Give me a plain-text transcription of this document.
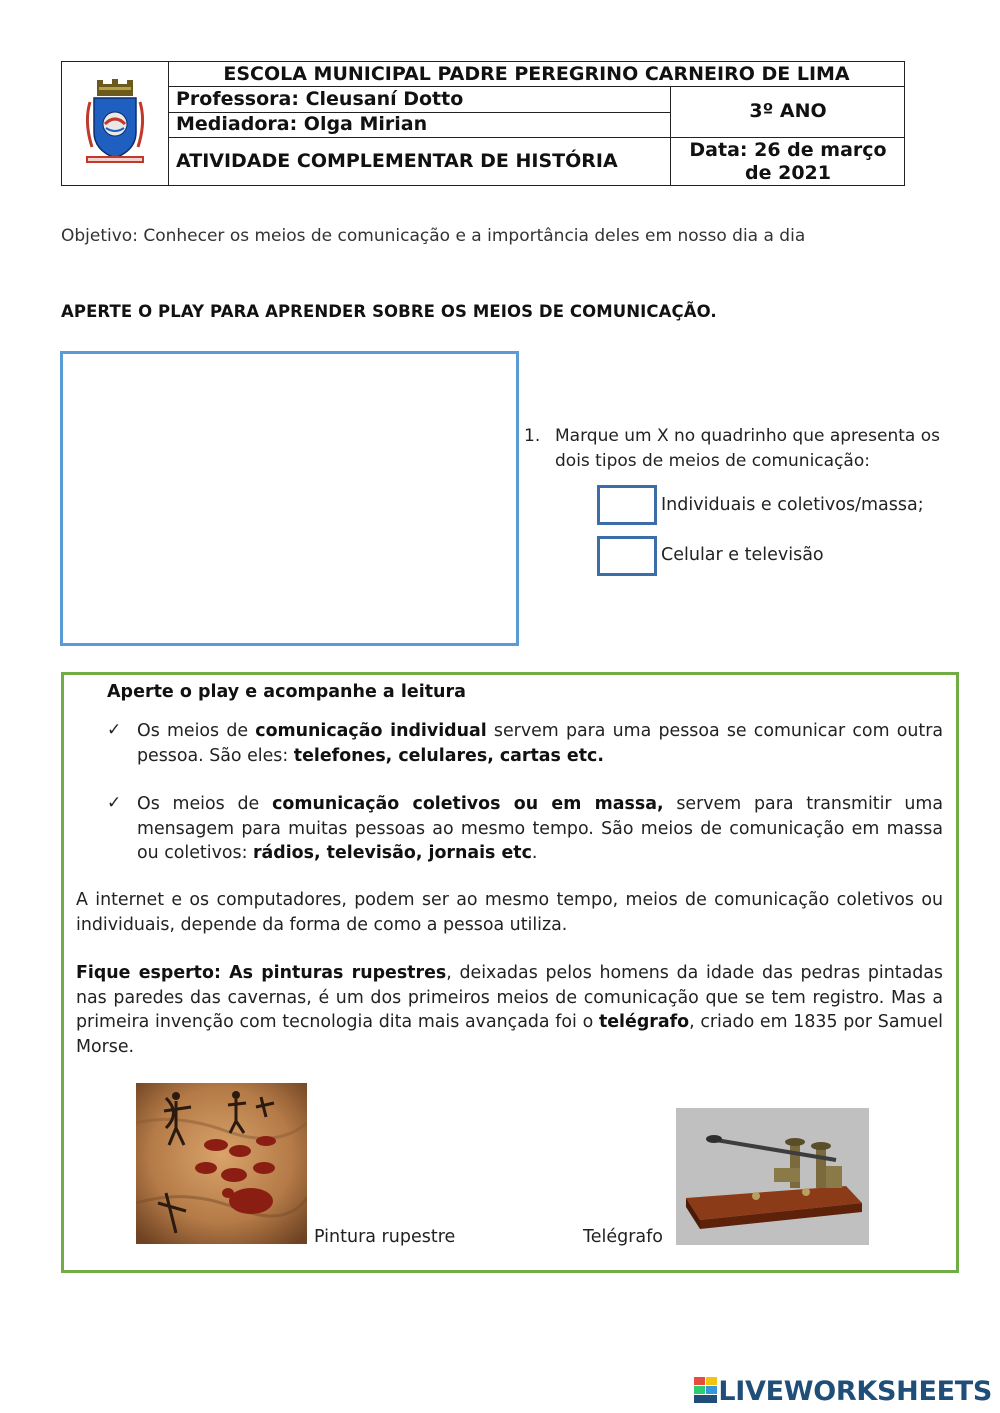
ESCOLA MUNICIPAL PADRE PEREGRINO CARNEIRO DE LIMA
Professora: Cleusaní Dotto
Mediadora: Olga Mirian
3º ANO
ATIVIDADE COMPLEMENTAR DE HISTÓRIA	Data: 26 de março
de 2021
Objetivo: Conhecer os meios de comunicação e a importância deles em nosso dia a dia
APERTE O PLAY PARA APRENDER SOBRE OS MEIOS DE COMUNICAÇÃO.
1. Marque um X no quadrinho que apresenta os dois tipos de meios de comunicação:
Individuais e coletivos/massa;
Celular e televisão
Aperte o play e acompanhe a leitura
✓ Os meios de comunicação individual servem para uma pessoa se comunicar com outra pessoa. São eles: telefones, celulares, cartas etc.
✓ Os meios de comunicação coletivos ou em massa, servem para transmitir uma mensagem para muitas pessoas ao mesmo tempo. São meios de comunicação em massa ou coletivos: rádios, televisão, jornais etc.
A internet e os computadores, podem ser ao mesmo tempo, meios de comunicação coletivos ou individuais, depende da forma de como a pessoa utiliza.
Fique esperto: As pinturas rupestres, deixadas pelos homens da idade das pedras pintadas nas paredes das cavernas, é um dos primeiros meios de comunicação que se tem registro. Mas a primeira invenção com tecnologia dita mais avançada foi o telégrafo, criado em 1835 por Samuel Morse.
Pintura rupestre	Telégrafo
LIVEWORKSHEETS
